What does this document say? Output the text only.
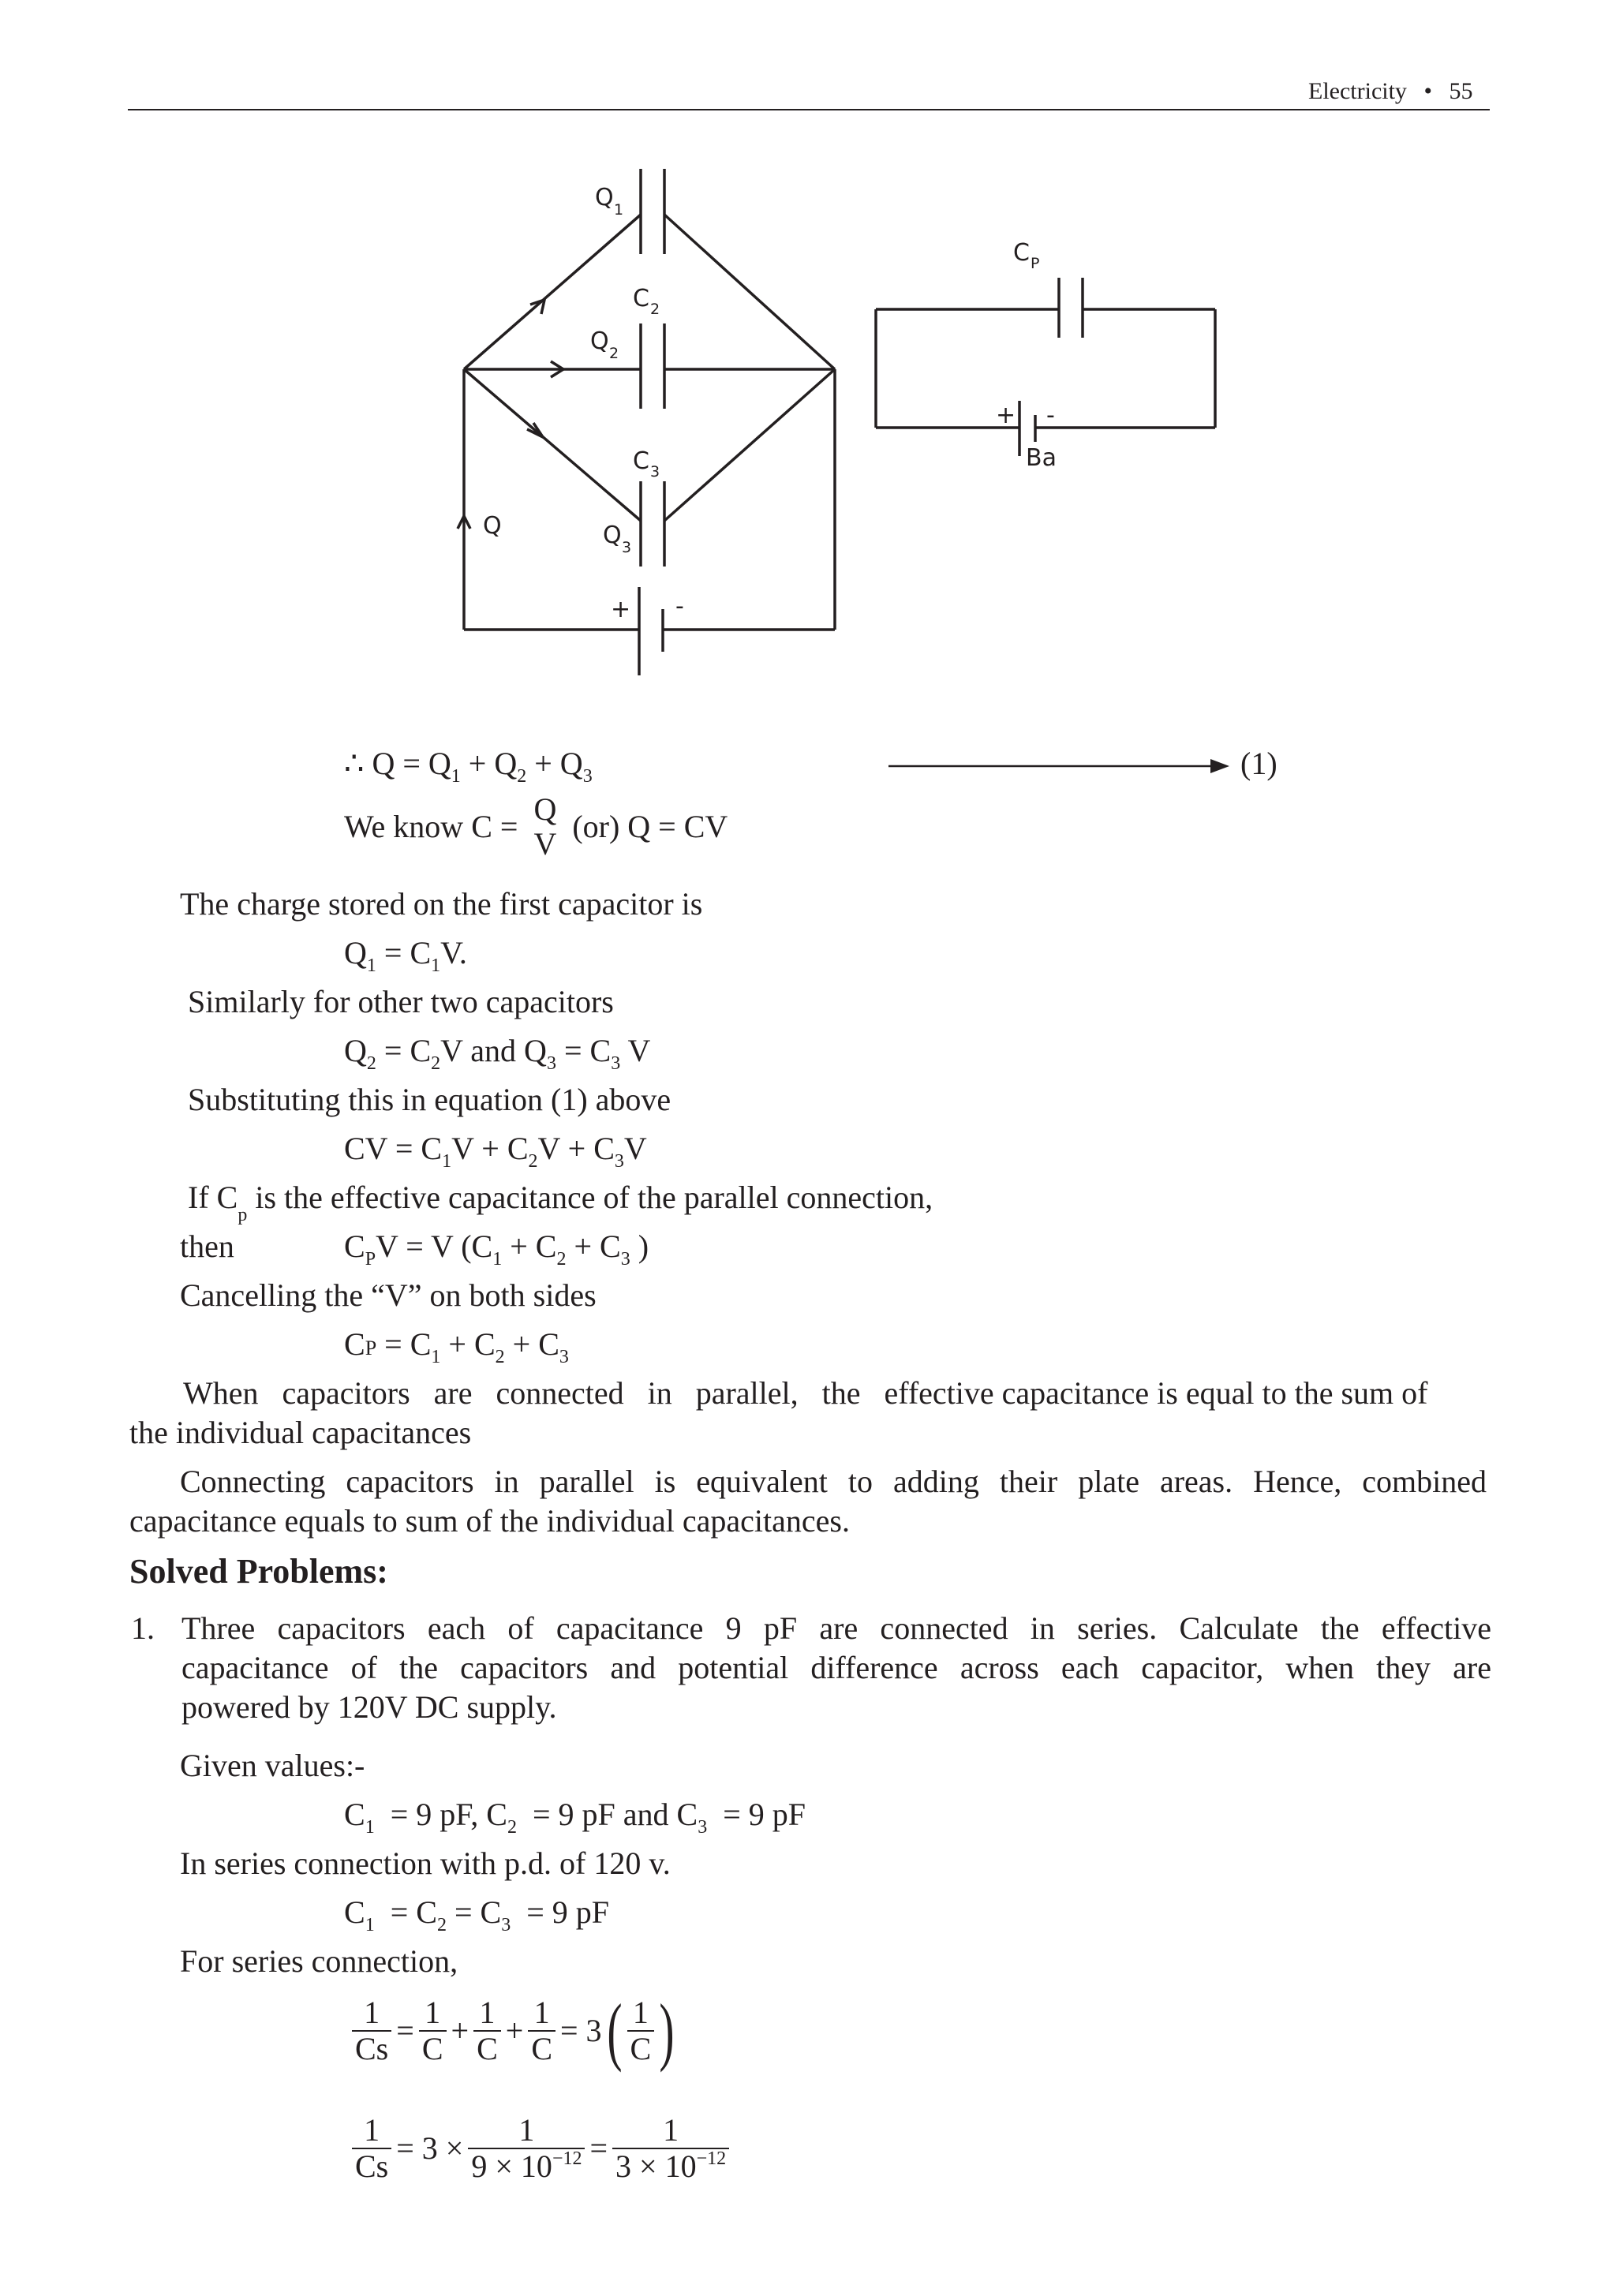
Electricity • 55
Q 1
C 2
Q 2
C 3
Q	Q 3
+ -
C P
+ -
Ba
∴ $Q = Q_1 + Q_2 + Q_3$	(1)
We know C = Q
V (or) Q = CV
The charge stored on the first capacitor is
$Q_1 = C_1V$.
Similarly for other two capacitors
$Q_2 = C_2V$ and $Q_3 = C_3$ V
Substituting this in equation (1) above
CV = $C_1V + C_2V + C_3V$
If $C_p$ is the effective capacitance of the parallel connection,
then	$C_PV = V$ ($C_1 + C_2 + C_3$ )
Cancelling the “V” on both sides
CP = $C_1 + C_2 + C_3$
When   capacitors   are   connected   in   parallel,   the   effective capacitance is equal to the sum of
the individual capacitances
Connecting capacitors in parallel is equivalent to adding their plate areas. Hence, combined
capacitance equals to sum of the individual capacitances.
Solved Problems:
1. Three capacitors each of capacitance 9 pF are connected in series. Calculate the effective
capacitance of the capacitors and potential difference across each capacitor, when they are
powered by 120V DC supply.
Given values:-
$C_1 = 9$ pF, $C_2 = 9$ pF and $C_3 = 9$ pF
In series connection with p.d. of 120 v.
$C_1 = C_2 = C_3 = 9$ pF
For series connection,
$\frac{1}{Cs} = \frac{1}{C} + \frac{1}{C} + \frac{1}{C} = 3( \frac{1}{C}$ )
$\frac{1}{Cs} = 3 \times \frac{1}{9 \times 10^{-12}} = \frac{1}{3 \times 10^{-12}}$
